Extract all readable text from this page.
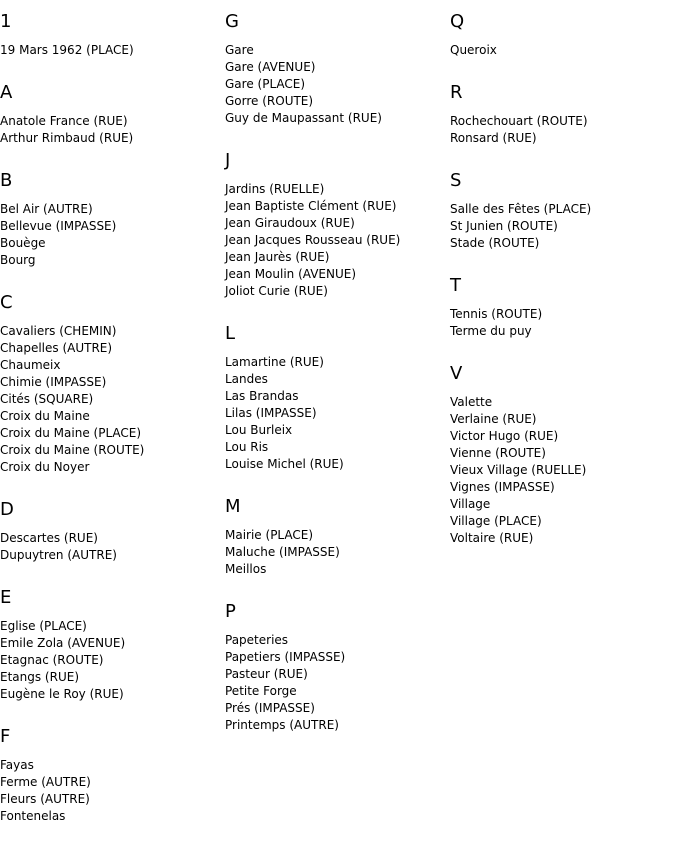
1
19 Mars 1962 (PLACE)
A
Anatole France (RUE)
Arthur Rimbaud (RUE)
B
Bel Air (AUTRE)
Bellevue (IMPASSE)
Bouège
Bourg
C
Cavaliers (CHEMIN)
Chapelles (AUTRE)
Chaumeix
Chimie (IMPASSE)
Cités (SQUARE)
Croix du Maine
Croix du Maine (PLACE)
Croix du Maine (ROUTE)
Croix du Noyer
D
Descartes (RUE)
Dupuytren (AUTRE)
E
Eglise (PLACE)
Emile Zola (AVENUE)
Etagnac (ROUTE)
Etangs (RUE)
Eugène le Roy (RUE)
F
Fayas
Ferme (AUTRE)
Fleurs (AUTRE)
Fontenelas
G
Gare
Gare (AVENUE)
Gare (PLACE)
Gorre (ROUTE)
Guy de Maupassant (RUE)
J
Jardins (RUELLE)
Jean Baptiste Clément (RUE)
Jean Giraudoux (RUE)
Jean Jacques Rousseau (RUE)
Jean Jaurès (RUE)
Jean Moulin (AVENUE)
Joliot Curie (RUE)
L
Lamartine (RUE)
Landes
Las Brandas
Lilas (IMPASSE)
Lou Burleix
Lou Ris
Louise Michel (RUE)
M
Mairie (PLACE)
Maluche (IMPASSE)
Meillos
P
Papeteries
Papetiers (IMPASSE)
Pasteur (RUE)
Petite Forge
Prés (IMPASSE)
Printemps (AUTRE)
Q
Queroix
R
Rochechouart (ROUTE)
Ronsard (RUE)
S
Salle des Fêtes (PLACE)
St Junien (ROUTE)
Stade (ROUTE)
T
Tennis (ROUTE)
Terme du puy
V
Valette
Verlaine (RUE)
Victor Hugo (RUE)
Vienne (ROUTE)
Vieux Village (RUELLE)
Vignes (IMPASSE)
Village
Village (PLACE)
Voltaire (RUE)
